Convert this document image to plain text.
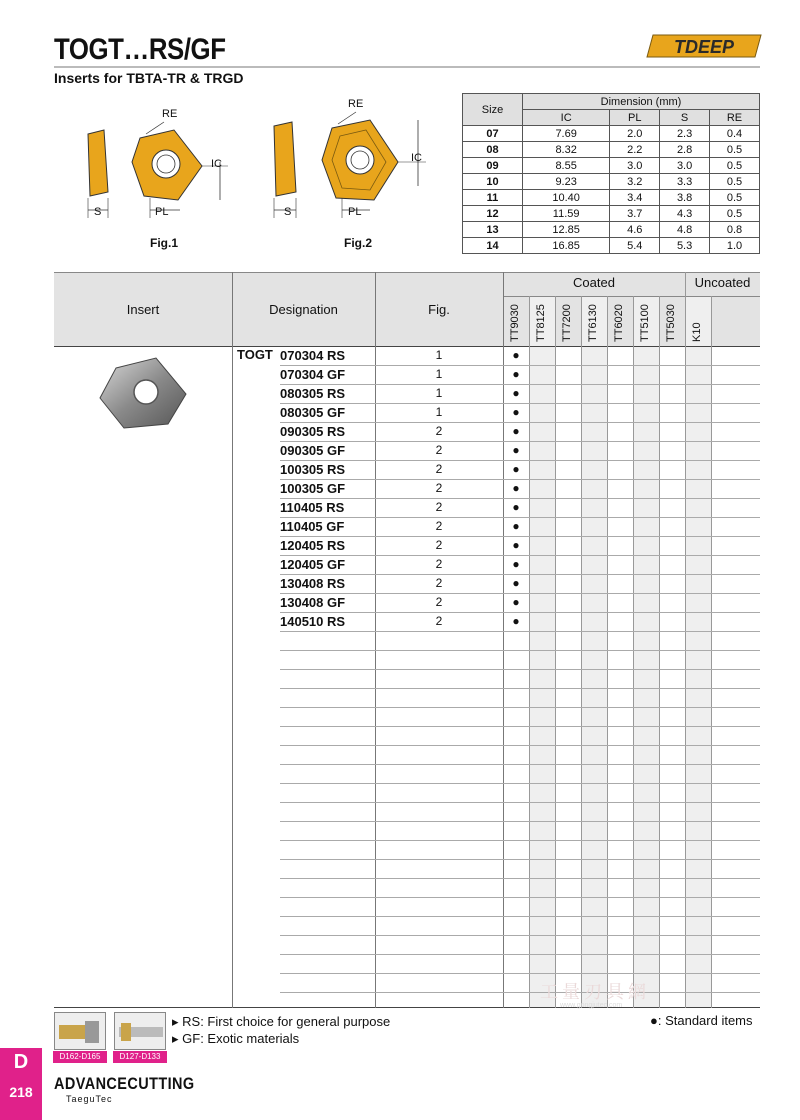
TOGT…RS/GF
Inserts for TBTA-TR & TRGD
TDEEP
RE
IC
S	PL
Fig.1
RE
IC
S	PL
Fig.2
Size	Dimension (mm)			
	IC	PL	S	RE
07	7.69	2.0	2.3	0.4
08	8.32	2.2	2.8	0.5
09	8.55	3.0	3.0	0.5
10	9.23	3.2	3.3	0.5
11	10.40	3.4	3.8	0.5
12	11.59	3.7	4.3	0.5
13	12.85	4.6	4.8	0.8
14	16.85	5.4	5.3	1.0
Insert	Designation	Fig.
Coated	Uncoated
TT9030 TT8125 TT7200 TT6130 TT6020 TT5100 TT5030 K10
TOGT 070304 RS	1	●
070304 GF	1	●
080305 RS	1	●
080305 GF	1	●
090305 RS	2	●
090305 GF	2	●
100305 RS	2	●
100305 GF	2	●
110405 RS	2	●
110405 GF	2	●
120405 RS	2	●
120405 GF	2	●
130408 RS	2	●
130408 GF	2	●
140510 RS	2	●
D162-D165	D127-D133
▸ RS: First choice for general purpose
▸ GF: Exotic materials
●: Standard items
工量刃具網
www.gongjutec.com
D
218	ADVANCECUTTING
TaeguTec
